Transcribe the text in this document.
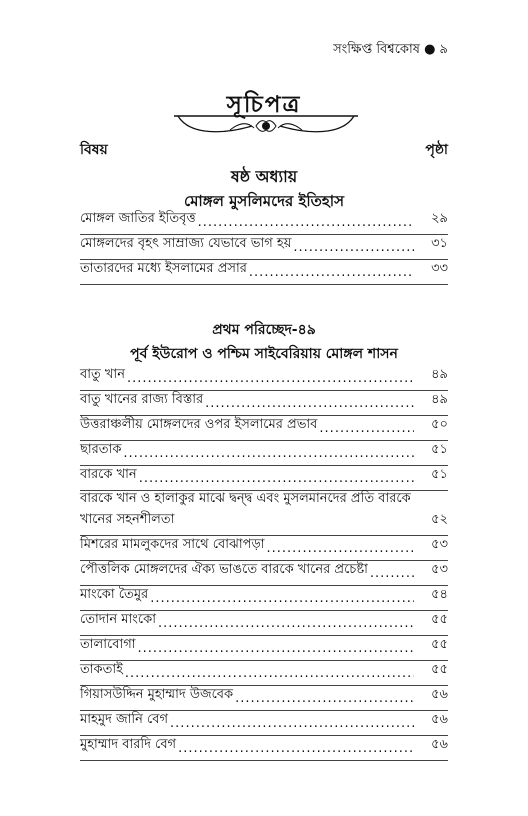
সংক্ষিপ্ত বিশ্বকোষ ● ৯
সূচিপত্র
বিষয়	পৃষ্ঠা
ষষ্ঠ অধ্যায়
মোঙ্গল মুসলিমদের ইতিহাস
মোঙ্গল জাতির ইতিবৃত্ত .....	২৯
মোঙ্গলদের বৃহৎ সাম্রাজ্য যেভাবে ভাগ হয় .....	৩১
তাতারদের মধ্যে ইসলামের প্রসার .....	৩৩
প্রথম পরিচ্ছেদ-৪৯
পূর্ব ইউরোপ ও পশ্চিম সাইবেরিয়ায় মোঙ্গল শাসন
বাতু খান .....	৪৯
বাতু খানের রাজ্য বিস্তার .....	৪৯
উত্তরাঞ্চলীয় মোঙ্গলদের ওপর ইসলামের প্রভাব .....	৫০
ছারতাক .....	৫১
বারকে খান .....	৫১
বারকে খান ও হালাকুর মাঝে দ্বন্দ্ব এবং মুসলমানদের প্রতি বারকে খানের সহনশীলতা	৫২
মিশরের মামলুকদের সাথে বোঝাপড়া .....	৫৩
পৌত্তলিক মোঙ্গলদের ঐক্য ভাঙতে বারকে খানের প্রচেষ্টা .....	৫৩
মাংকো তৈমুর .....	৫৪
তোদান মাংকো .....	৫৫
তালাবোগা .....	৫৫
তাকতাই .....	৫৫
গিয়াসউদ্দিন মুহাম্মাদ উজবেক .....	৫৬
মাহমুদ জানি বেগ .....	৫৬
মুহাম্মাদ বারদি বেগ .....	৫৬
